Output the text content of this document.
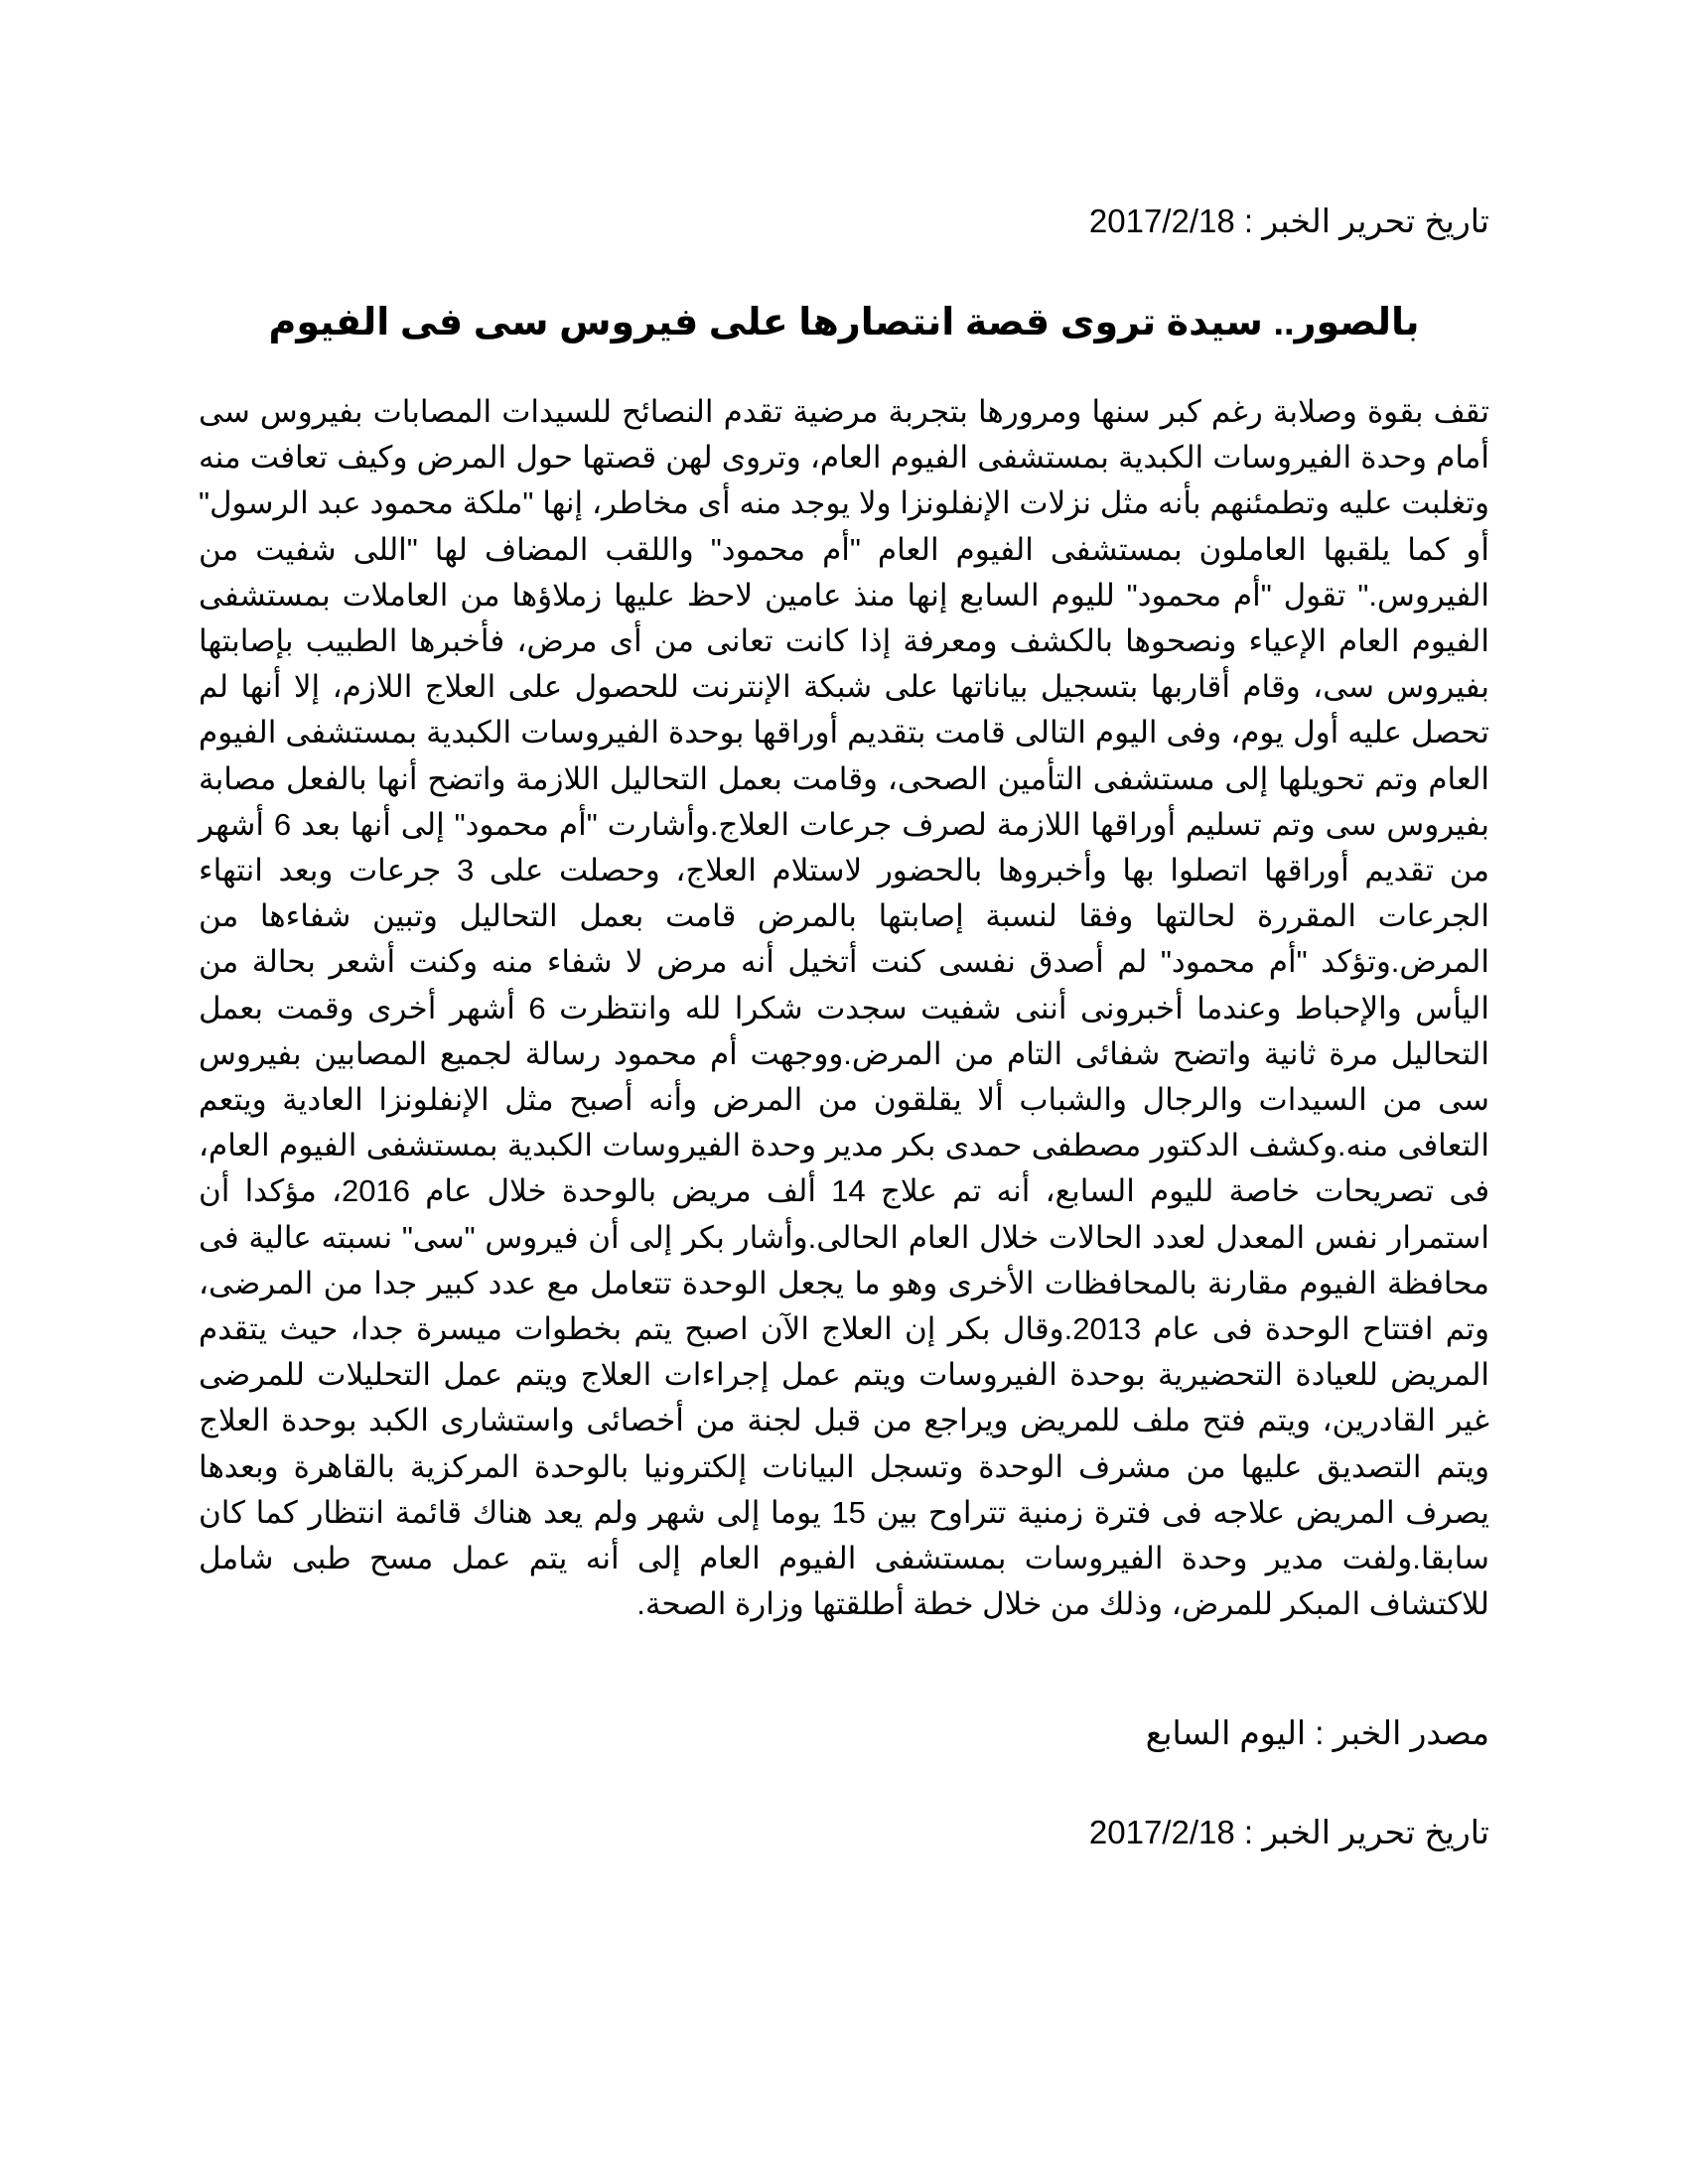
تاريخ تحرير الخبر : 2017/2/18
بالصور.. سيدة تروى قصة انتصارها على فيروس سى فى الفيوم

تقف بقوة وصلابة رغم كبر سنها ومرورها بتجربة مرضية تقدم النصائح للسيدات المصابات بفيروس سى أمام وحدة الفيروسات الكبدية بمستشفى الفيوم العام، وتروى لهن قصتها حول المرض وكيف تعافت منه وتغلبت عليه وتطمئنهم بأنه مثل نزلات الإنفلونزا ولا يوجد منه أى مخاطر، إنها "ملكة محمود عبد الرسول" أو كما يلقبها العاملون بمستشفى الفيوم العام "أم محمود" واللقب المضاف لها "اللى شفيت من الفيروس." تقول "أم محمود" لليوم السابع إنها منذ عامين لاحظ عليها زملاؤها من العاملات بمستشفى الفيوم العام الإعياء ونصحوها بالكشف ومعرفة إذا كانت تعانى من أى مرض، فأخبرها الطبيب بإصابتها بفيروس سى، وقام أقاربها بتسجيل بياناتها على شبكة الإنترنت للحصول على العلاج اللازم، إلا أنها لم تحصل عليه أول يوم، وفى اليوم التالى قامت بتقديم أوراقها بوحدة الفيروسات الكبدية بمستشفى الفيوم العام وتم تحويلها إلى مستشفى التأمين الصحى، وقامت بعمل التحاليل اللازمة واتضح أنها بالفعل مصابة بفيروس سى وتم تسليم أوراقها اللازمة لصرف جرعات العلاج.وأشارت "أم محمود" إلى أنها بعد 6 أشهر من تقديم أوراقها اتصلوا بها وأخبروها بالحضور لاستلام العلاج، وحصلت على 3 جرعات وبعد انتهاء الجرعات المقررة لحالتها وفقا لنسبة إصابتها بالمرض قامت بعمل التحاليل وتبين شفاءها من المرض.وتؤكد "أم محمود" لم أصدق نفسى كنت أتخيل أنه مرض لا شفاء منه وكنت أشعر بحالة من اليأس والإحباط وعندما أخبرونى أننى شفيت سجدت شكرا لله وانتظرت 6 أشهر أخرى وقمت بعمل التحاليل مرة ثانية واتضح شفائى التام من المرض.ووجهت أم محمود رسالة لجميع المصابين بفيروس سى من السيدات والرجال والشباب ألا يقلقون من المرض وأنه أصبح مثل الإنفلونزا العادية ويتعم التعافى منه.وكشف الدكتور مصطفى حمدى بكر مدير وحدة الفيروسات الكبدية بمستشفى الفيوم العام، فى تصريحات خاصة لليوم السابع، أنه تم علاج 14 ألف مريض بالوحدة خلال عام 2016، مؤكدا أن استمرار نفس المعدل لعدد الحالات خلال العام الحالى.وأشار بكر إلى أن فيروس "سى" نسبته عالية فى محافظة الفيوم مقارنة بالمحافظات الأخرى وهو ما يجعل الوحدة تتعامل مع عدد كبير جدا من المرضى، وتم افتتاح الوحدة فى عام 2013.وقال بكر إن العلاج الآن اصبح يتم بخطوات ميسرة جدا، حيث يتقدم المريض للعيادة التحضيرية بوحدة الفيروسات ويتم عمل إجراءات العلاج ويتم عمل التحليلات للمرضى غير القادرين، ويتم فتح ملف للمريض ويراجع من قبل لجنة من أخصائى واستشارى الكبد بوحدة العلاج ويتم التصديق عليها من مشرف الوحدة وتسجل البيانات إلكترونيا بالوحدة المركزية بالقاهرة وبعدها يصرف المريض علاجه فى فترة زمنية تتراوح بين 15 يوما إلى شهر ولم يعد هناك قائمة انتظار كما كان سابقا.ولفت مدير وحدة الفيروسات بمستشفى الفيوم العام إلى أنه يتم عمل مسح طبى شامل للاكتشاف المبكر للمرض، وذلك من خلال خطة أطلقتها وزارة الصحة.

مصدر الخبر : اليوم السابع
تاريخ تحرير الخبر : 2017/2/18
